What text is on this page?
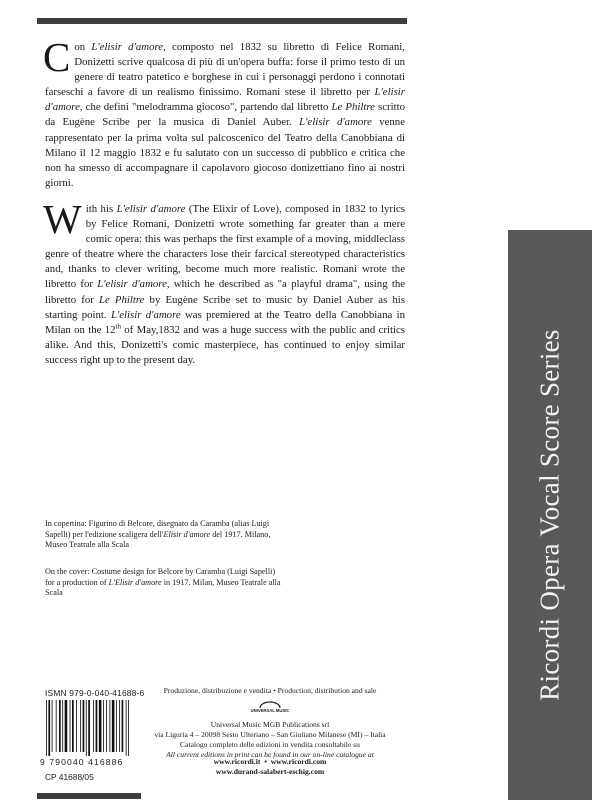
Con L'elisir d'amore, composto nel 1832 su libretto di Felice Romani, Donizetti scrive qualcosa di più di un'opera buffa: forse il primo testo di un genere di teatro patetico e borghese in cui i personaggi perdono i connotati farseschi a favore di un realismo finissimo. Romani stese il libretto per L'elisir d'amore, che definì "melodramma giocoso", partendo dal libretto Le Philtre scritto da Eugène Scribe per la musica di Daniel Auber. L'elisir d'amore venne rappresentato per la prima volta sul palcoscenico del Teatro della Canobbiana di Milano il 12 maggio 1832 e fu salutato con un successo di pubblico e critica che non ha smesso di accompagnare il capolavoro giocoso donizettiano fino ai nostri giorni.

With his L'elisir d'amore (The Elixir of Love), composed in 1832 to lyrics by Felice Romani, Donizetti wrote something far greater than a mere comic opera: this was perhaps the first example of a moving, middleclass genre of theatre where the characters lose their farcical stereotyped characteristics and, thanks to clever writing, become much more realistic. Romani wrote the libretto for L'elisir d'amore, which he described as "a playful drama", using the libretto for Le Philtre by Eugène Scribe set to music by Daniel Auber as his starting point. L'elisir d'amore was premiered at the Teatro della Canobbiana in Milan on the 12th of May,1832 and was a huge success with the public and critics alike. And this, Donizetti's comic masterpiece, has continued to enjoy similar success right up to the present day.

In copertina: Figurino di Belcore, disegnato da Caramba (alias Luigi Sapelli) per l'edizione scaligera dell'Elisir d'amore del 1917. Milano, Museo Teatrale alla Scala

On the cover: Costume design for Belcore by Caramba (Luigi Sapelli) for a production of L'Elisir d'amore in 1917. Milan, Museo Teatrale alla Scala	Ricordi Opera Vocal Score Series
ISMN 979-0-040-41688-6
9 790040 416886
CP 41688/05

Produzione, distribuzione e vendita • Production, distribution and sale

UNIVERSAL MUSIC

Universal Music MGB Publications srl
via Liguria 4 – 20098 Sesto Ulteriano – San Giuliano Milanese (MI) – Italia

Catalogo completo delle edizioni in vendita consultabile su
All current editions in print can be found in our on-line catalogue at

www.ricordi.it  •  www.ricordi.com
www.durand-salabert-eschig.com
